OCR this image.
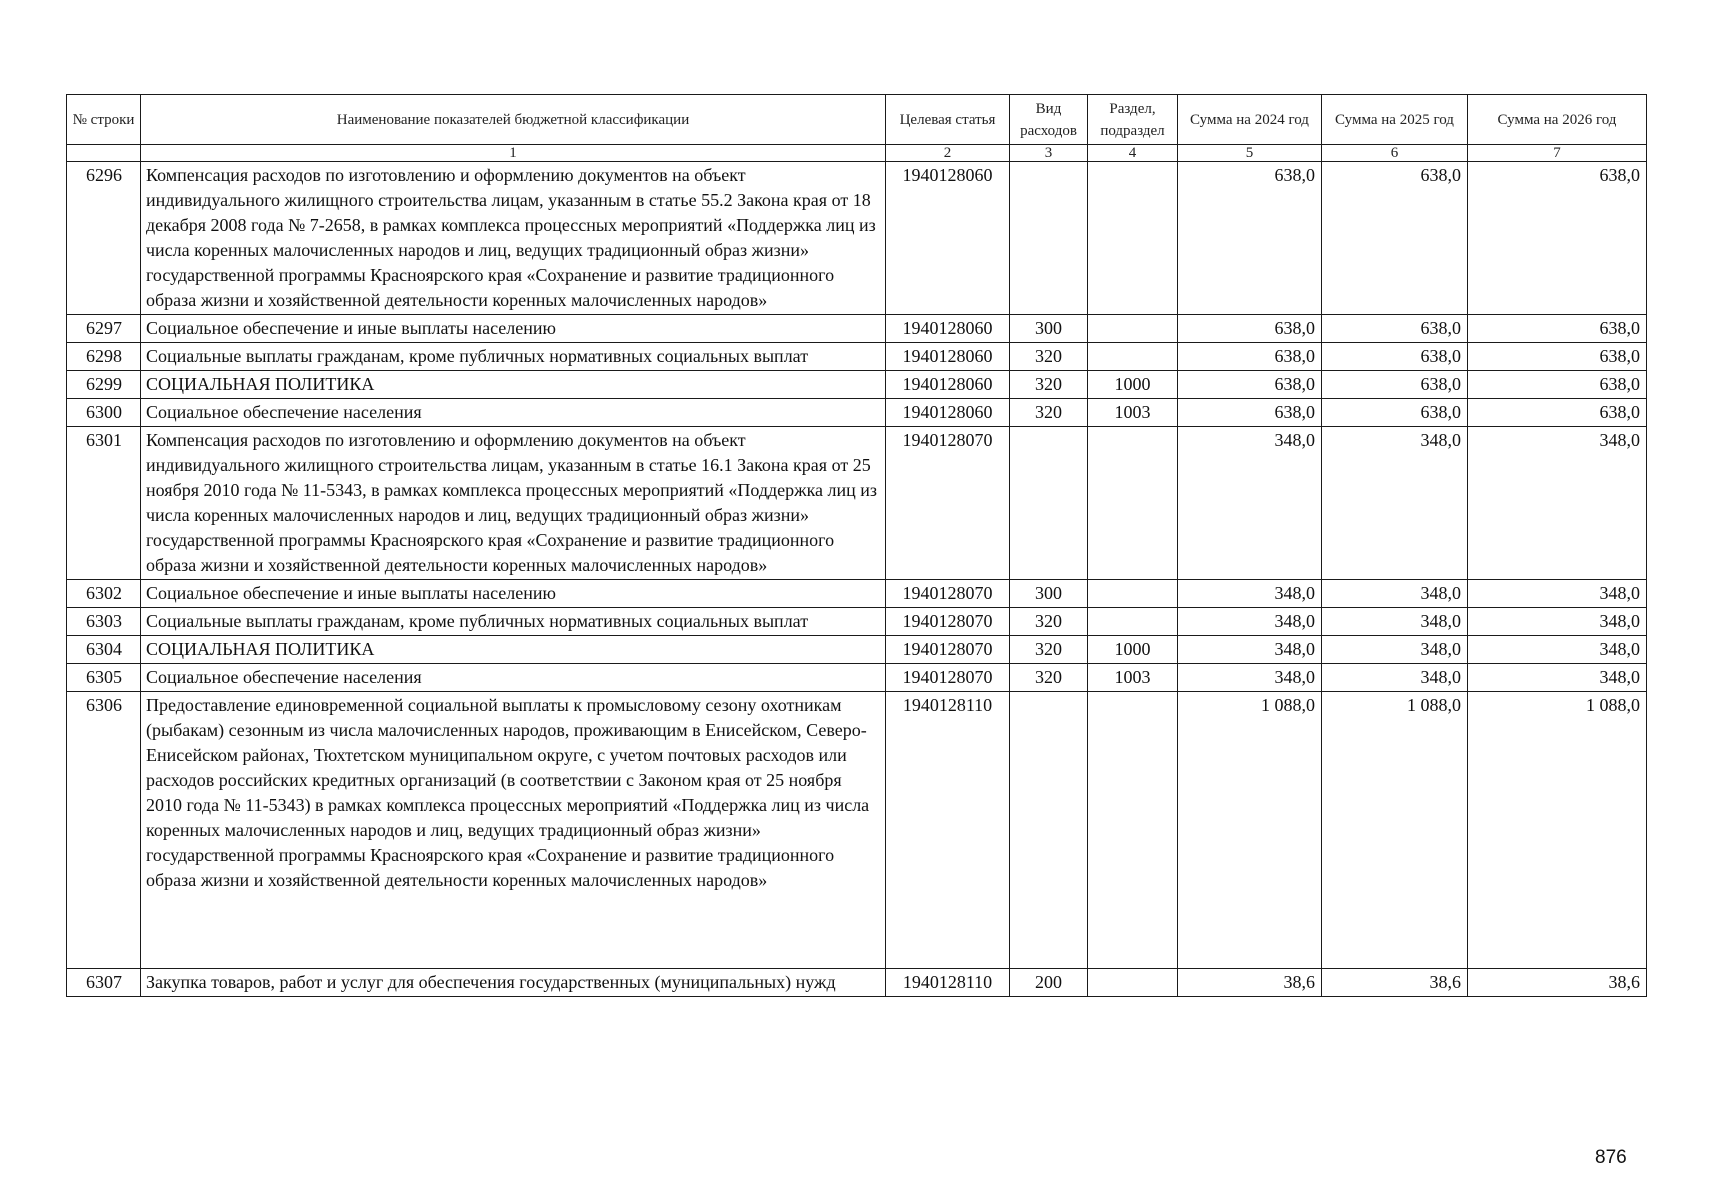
№ строки	Наименование показателей бюджетной классификации	Целевая статья	Вид расходов	Раздел, подраздел	Сумма на 2024 год	Сумма на 2025 год	Сумма на 2026 год
	1	2	3	4	5	6	7
6296	Компенсация расходов по изготовлению и оформлению документов на объект индивидуального жилищного строительства лицам, указанным в статье 55.2 Закона края от 18 декабря 2008 года № 7-2658, в рамках комплекса процессных мероприятий «Поддержка лиц из числа коренных малочисленных народов и лиц, ведущих традиционный образ жизни» государственной программы Красноярского края «Сохранение и развитие традиционного образа жизни и хозяйственной деятельности коренных малочисленных народов»	1940128060			638,0	638,0	638,0
6297	Социальное обеспечение и иные выплаты населению	1940128060	300		638,0	638,0	638,0
6298	Социальные выплаты гражданам, кроме публичных нормативных социальных выплат	1940128060	320		638,0	638,0	638,0
6299	СОЦИАЛЬНАЯ ПОЛИТИКА	1940128060	320	1000	638,0	638,0	638,0
6300	Социальное обеспечение населения	1940128060	320	1003	638,0	638,0	638,0
6301	Компенсация расходов по изготовлению и оформлению документов на объект индивидуального жилищного строительства лицам, указанным в статье 16.1 Закона края от 25 ноября 2010 года № 11-5343, в рамках комплекса процессных мероприятий «Поддержка лиц из числа коренных малочисленных народов и лиц, ведущих традиционный образ жизни» государственной программы Красноярского края «Сохранение и развитие традиционного образа жизни и хозяйственной деятельности коренных малочисленных народов»	1940128070			348,0	348,0	348,0
6302	Социальное обеспечение и иные выплаты населению	1940128070	300		348,0	348,0	348,0
6303	Социальные выплаты гражданам, кроме публичных нормативных социальных выплат	1940128070	320		348,0	348,0	348,0
6304	СОЦИАЛЬНАЯ ПОЛИТИКА	1940128070	320	1000	348,0	348,0	348,0
6305	Социальное обеспечение населения	1940128070	320	1003	348,0	348,0	348,0
6306	Предоставление единовременной социальной выплаты к промысловому сезону охотникам (рыбакам) сезонным из числа малочисленных народов, проживающим в Енисейском, Северо-Енисейском районах, Тюхтетском муниципальном округе, с учетом почтовых расходов или расходов российских кредитных организаций (в соответствии с Законом края от 25 ноября 2010 года № 11-5343) в рамках комплекса процессных мероприятий «Поддержка лиц из числа коренных малочисленных народов и лиц, ведущих традиционный образ жизни» государственной программы Красноярского края «Сохранение и развитие традиционного образа жизни и хозяйственной деятельности коренных малочисленных народов»	1940128110			1 088,0	1 088,0	1 088,0
6307	Закупка товаров, работ и услуг для обеспечения государственных (муниципальных) нужд	1940128110	200		38,6	38,6	38,6
876
